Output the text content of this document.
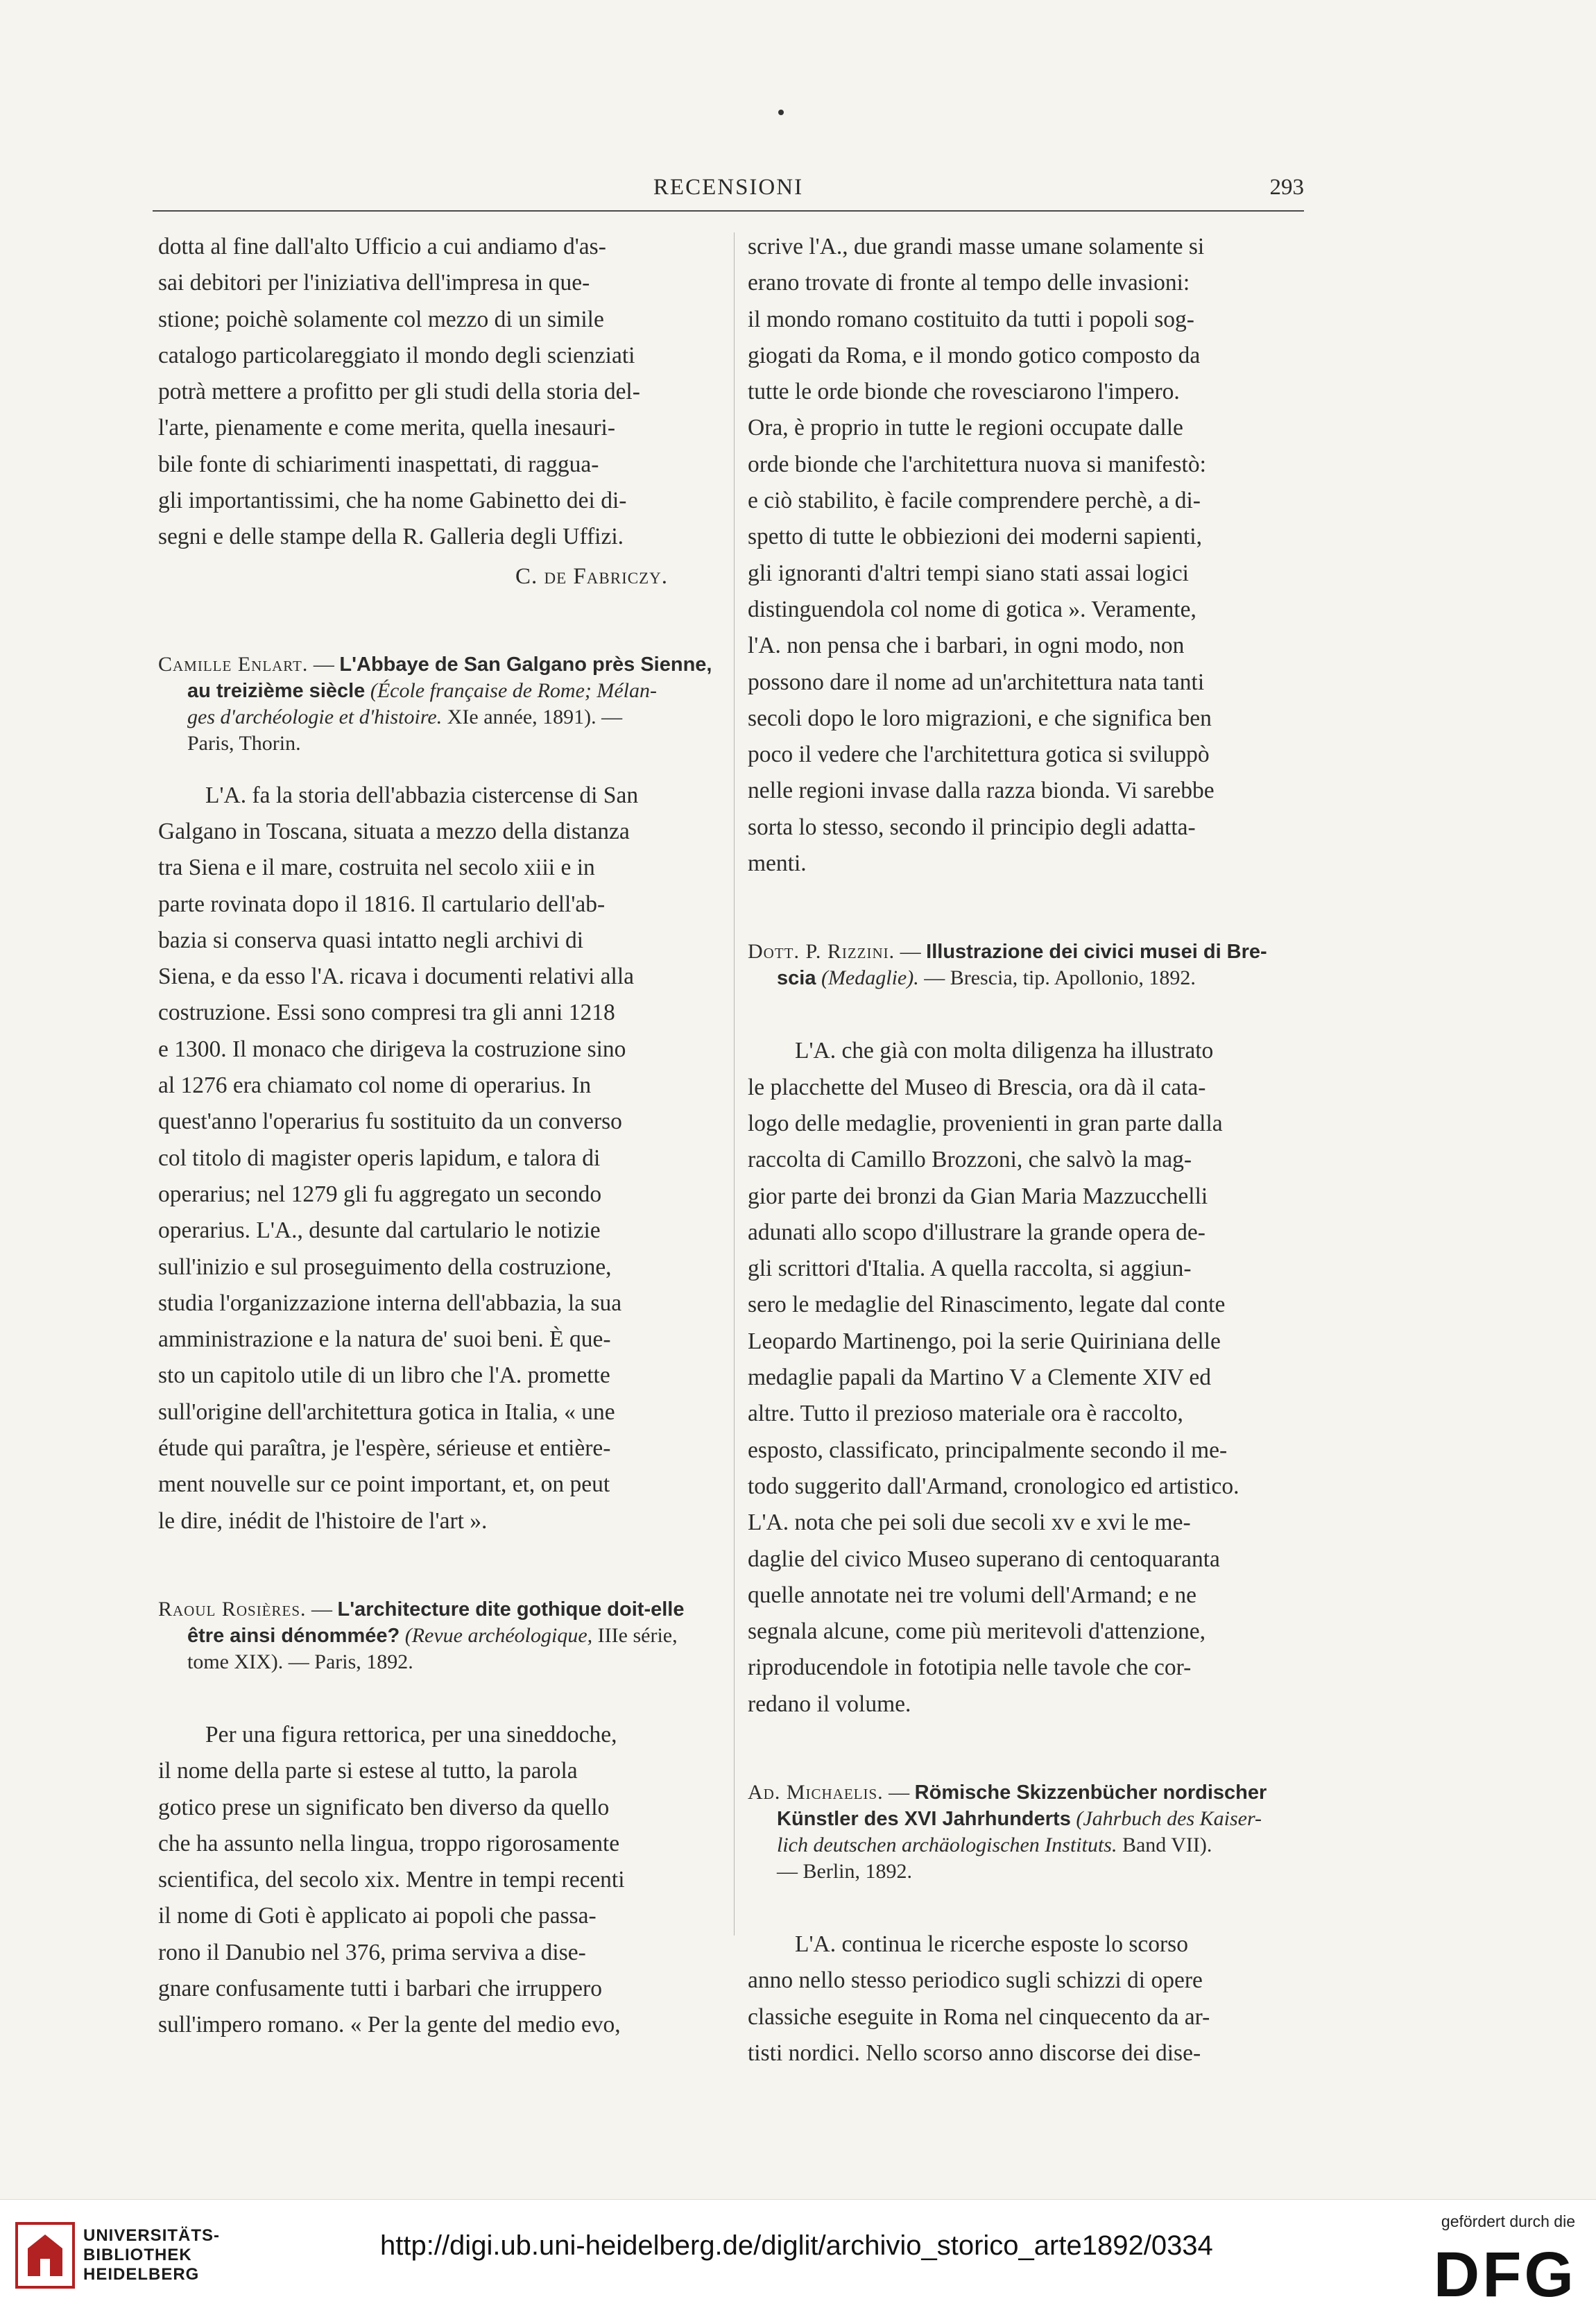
RECENSIONI	293

dotta al fine dall'alto Ufficio a cui andiamo d'as-
sai debitori per l'iniziativa dell'impresa in que-
stione; poichè solamente col mezzo di un simile
catalogo particolareggiato il mondo degli scienziati
potrà mettere a profitto per gli studi della storia del-
l'arte, pienamente e come merita, quella inesauri-
bile fonte di schiarimenti inaspettati, di ragguа-
gli importantissimi, che ha nome Gabinetto dei di-
segni e delle stampe della R. Galleria degli Uffizi.

C. de Fabriczy.

Camille Enlart. — L'Abbaye de San Galgano près Sienne,
au treizième siècle (École française de Rome; Mélan-
ges d'archéologie et d'histoire. XIe année, 1891). —
Paris, Thorin.

L'A. fa la storia dell'abbazia cistercense di San
Galgano in Toscana, situata a mezzo della distanza
tra Siena e il mare, costruita nel secolo xiii e in
parte rovinata dopo il 1816. Il cartulario dell'ab-
bazia si conserva quasi intatto negli archivi di
Siena, e da esso l'A. ricava i documenti relativi alla
costruzione. Essi sono compresi tra gli anni 1218
e 1300. Il monaco che dirigeva la costruzione sino
al 1276 era chiamato col nome di operarius. In
quest'anno l'operarius fu sostituito da un converso
col titolo di magister operis lapidum, e talora di
operarius; nel 1279 gli fu aggregato un secondo
operarius. L'A., desunte dal cartulario le notizie
sull'inizio e sul proseguimento della costruzione,
studia l'organizzazione interna dell'abbazia, la sua
amministrazione e la natura de' suoi beni. È que-
sto un capitolo utile di un libro che l'A. promette
sull'origine dell'architettura gotica in Italia, « une
étude qui paraîtra, je l'espère, sérieuse et entière-
ment nouvelle sur ce point important, et, on peut
le dire, inédit de l'histoire de l'art ».

Raoul Rosières. — L'architecture dite gothique doit-elle
être ainsi dénommée? (Revue archéologique, IIIe série,
tome XIX). — Paris, 1892.

Per una figura rettorica, per una sineddoche,
il nome della parte si estese al tutto, la parola
gotico prese un significato ben diverso da quello
che ha assunto nella lingua, troppo rigorosamente
scientifica, del secolo xix. Mentre in tempi recenti
il nome di Goti è applicato ai popoli che passa-
rono il Danubio nel 376, prima serviva a dise-
gnare confusamente tutti i barbari che irruppero
sull'impero romano. « Per la gente del medio evo,

scrive l'A., due grandi masse umane solamente si
erano trovate di fronte al tempo delle invasioni:
il mondo romano costituito da tutti i popoli sog-
giogati da Roma, e il mondo gotico composto da
tutte le orde bionde che rovesciarono l'impero.
Ora, è proprio in tutte le regioni occupate dalle
orde bionde che l'architettura nuova si manifestò:
e ciò stabilito, è facile comprendere perchè, a di-
spetto di tutte le obbiezioni dei moderni sapienti,
gli ignoranti d'altri tempi siano stati assai logici
distinguendola col nome di gotica ». Veramente,
l'A. non pensa che i barbari, in ogni modo, non
possono dare il nome ad un'architettura nata tanti
secoli dopo le loro migrazioni, e che significa ben
poco il vedere che l'architettura gotica si sviluppò
nelle regioni invase dalla razza bionda. Vi sarebbe
sorta lo stesso, secondo il principio degli adatta-
menti.

Dott. P. Rizzini. — Illustrazione dei civici musei di Bre-
scia (Medaglie). — Brescia, tip. Apollonio, 1892.

L'A. che già con molta diligenza ha illustrato
le placchette del Museo di Brescia, ora dà il cata-
logo delle medaglie, provenienti in gran parte dalla
raccolta di Camillo Brozzoni, che salvò la mag-
gior parte dei bronzi da Gian Maria Mazzucchelli
adunati allo scopo d'illustrare la grande opera de-
gli scrittori d'Italia. A quella raccolta, si aggiun-
sero le medaglie del Rinascimento, legate dal conte
Leopardo Martinengo, poi la serie Quiriniana delle
medaglie papali da Martino V a Clemente XIV ed
altre. Tutto il prezioso materiale ora è raccolto,
esposto, classificato, principalmente secondo il me-
todo suggerito dall'Armand, cronologico ed artistico.
L'A. nota che pei soli due secoli xv e xvi le me-
daglie del civico Museo superano di centoquaranta
quelle annotate nei tre volumi dell'Armand; e ne
segnala alcune, come più meritevoli d'attenzione,
riproducendole in fototipia nelle tavole che cor-
redano il volume.

Ad. Michaelis. — Römische Skizzenbücher nordischer
Künstler des XVI Jahrhunderts (Jahrbuch des Kaiser-
lich deutschen archäologischen Instituts. Band VII).
— Berlin, 1892.

L'A. continua le ricerche esposte lo scorso
anno nello stesso periodico sugli schizzi di opere
classiche eseguite in Roma nel cinquecento da ar-
tisti nordici. Nello scorso anno discorse dei dise-

UNIVERSITÄTS-
BIBLIOTHEK
HEIDELBERG
http://digi.ub.uni-heidelberg.de/diglit/archivio_storico_arte1892/0334
gefördert durch die
DFG
